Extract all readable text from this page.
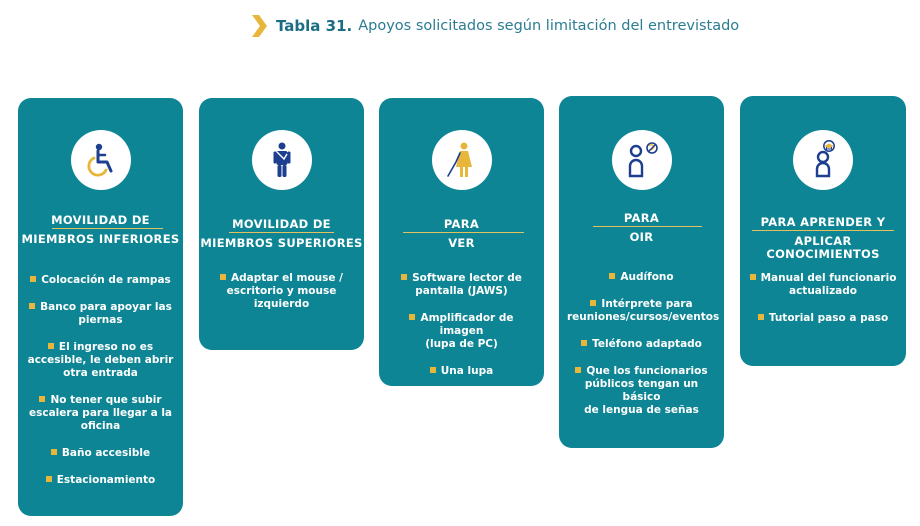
Tabla 31. Apoyos solicitados según limitación del entrevistado
MOVILIDAD DE
MIEMBROS INFERIORES
Colocación de rampas
Banco para apoyar las
piernas
El ingreso no es
accesible, le deben abrir
otra entrada
No tener que subir
escalera para llegar a la
oficina
Baño accesible
Estacionamiento
MOVILIDAD DE
MIEMBROS SUPERIORES
Adaptar el mouse /
escritorio y mouse
izquierdo
PARA
VER
Software lector de
pantalla (JAWS)
Amplificador de imagen
(lupa de PC)
Una lupa
PARA
OIR
Audífono
Intérprete para
reuniones/cursos/eventos
Teléfono adaptado
Que los funcionarios
públicos tengan un básico
de lengua de señas
PARA APRENDER Y
APLICAR CONOCIMIENTOS
Manual del funcionario
actualizado
Tutorial paso a paso
